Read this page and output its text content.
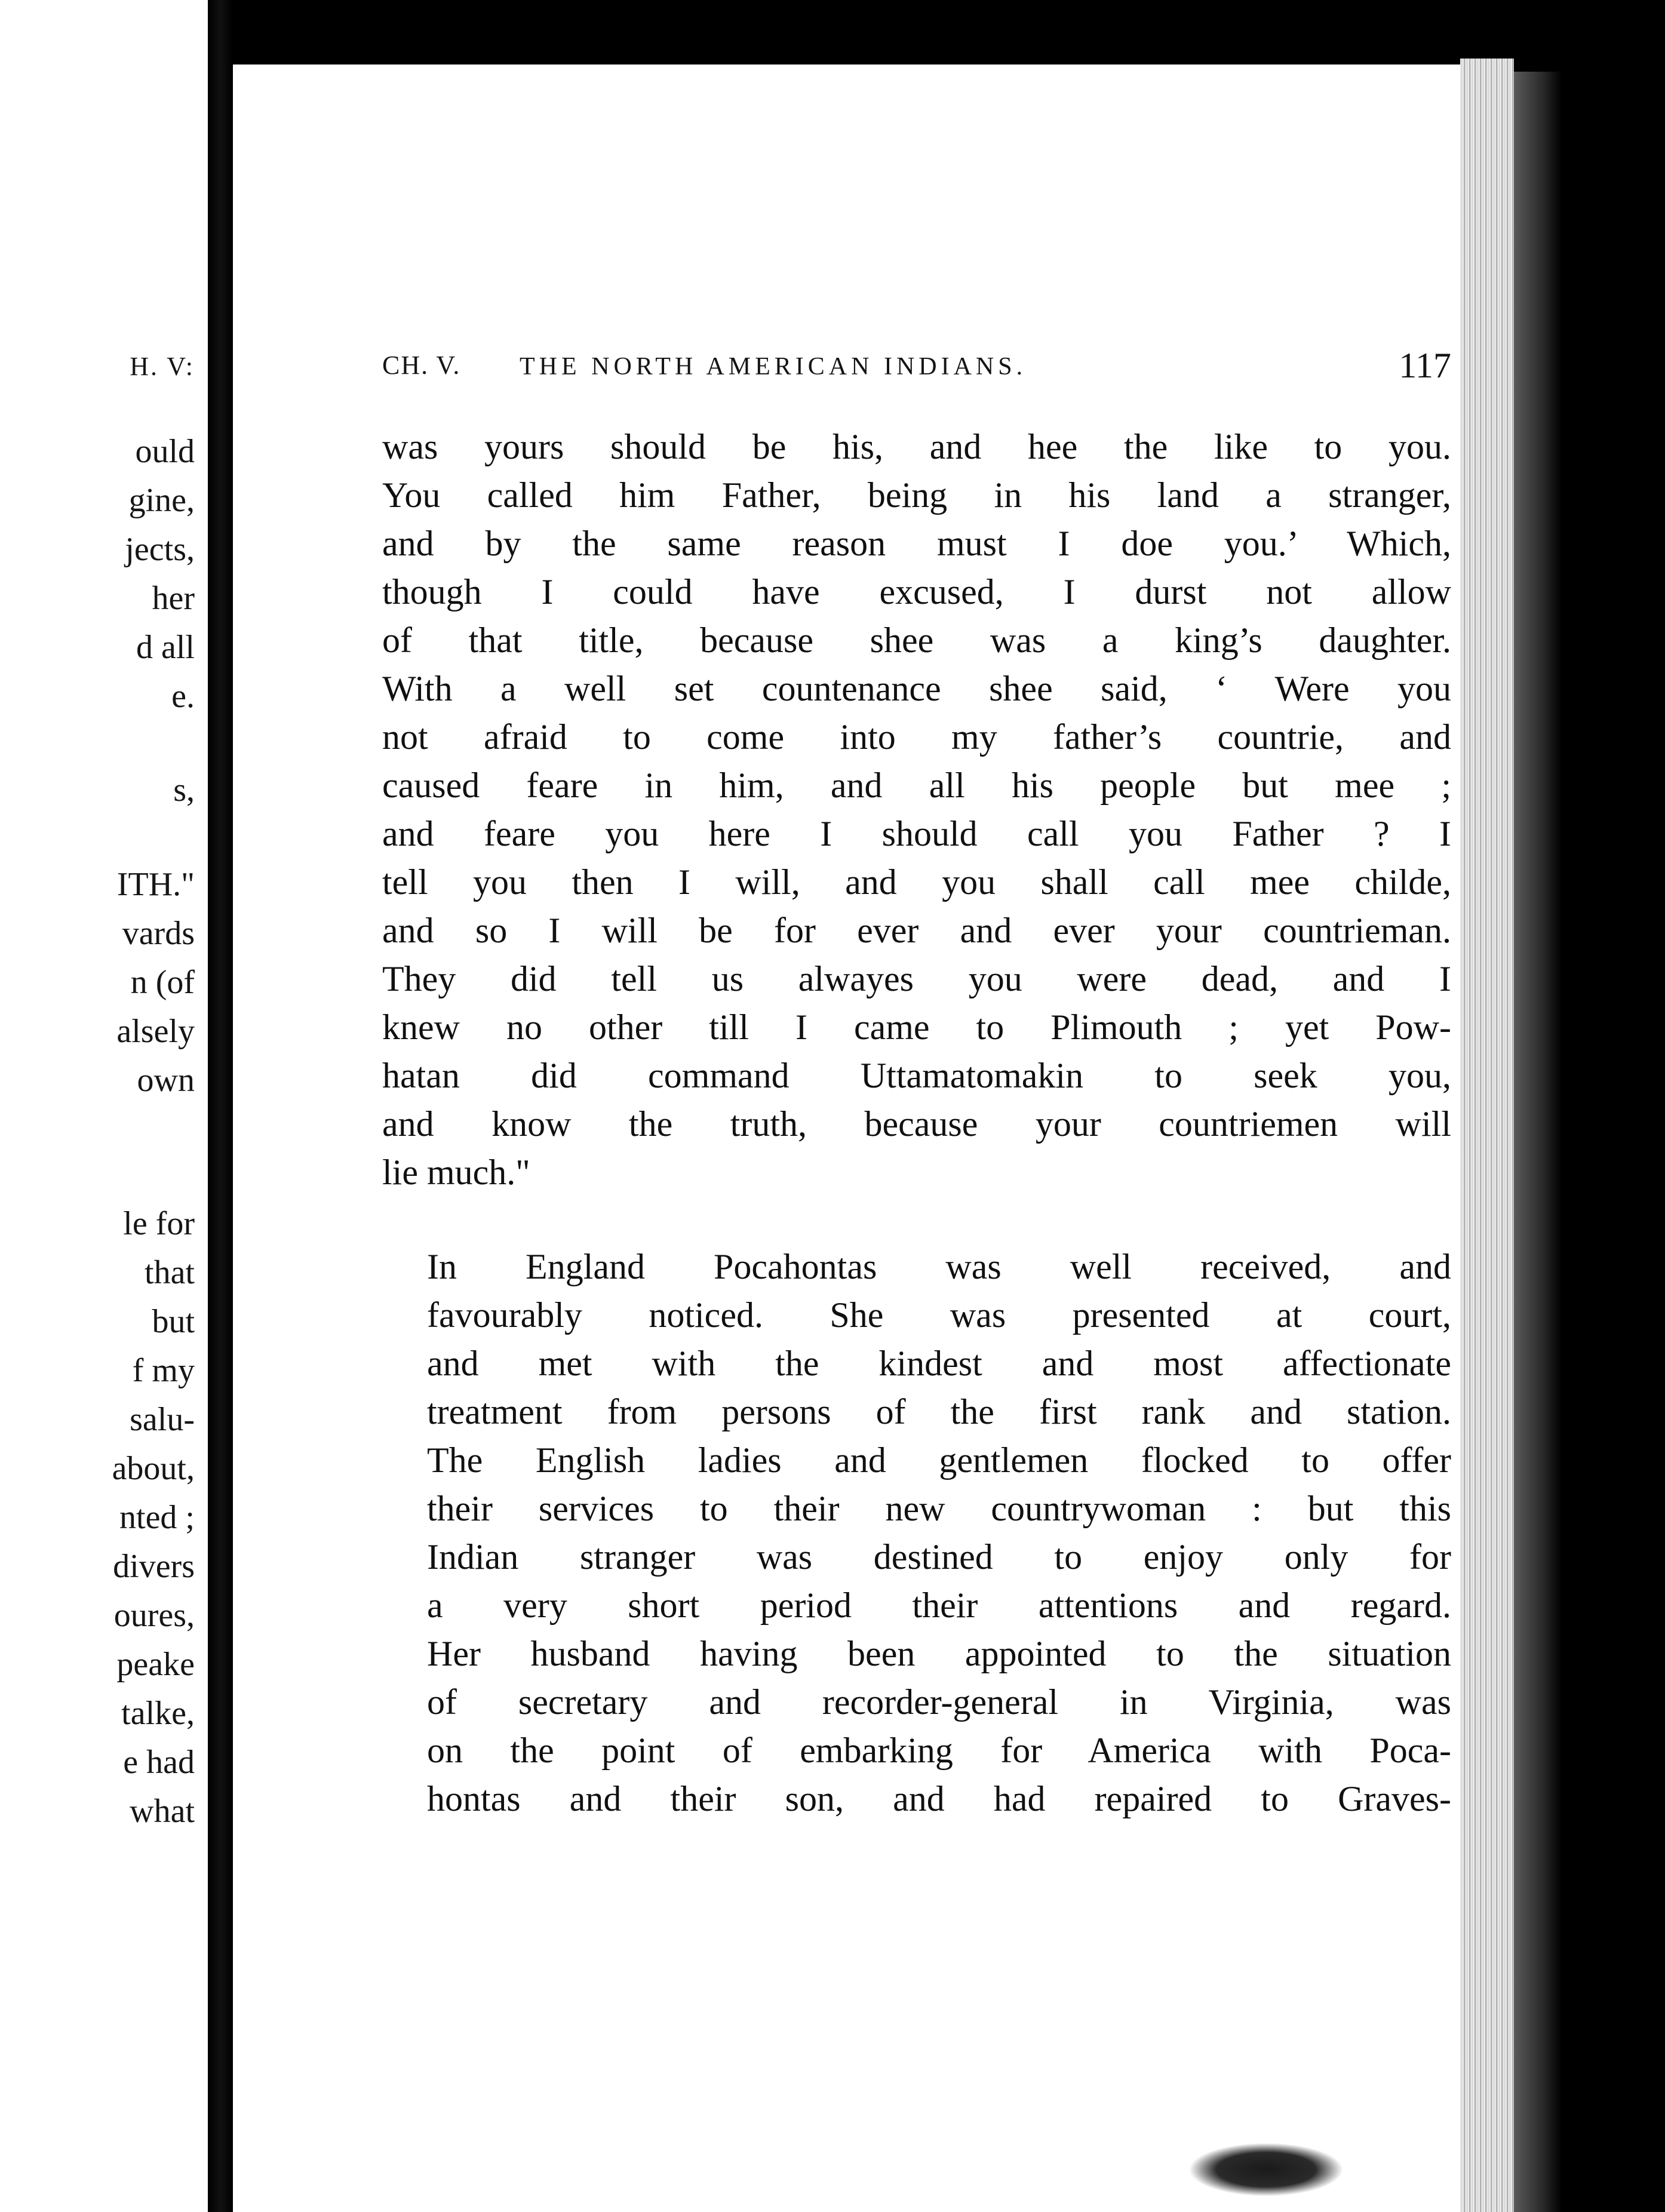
H. V:
ould
gine,
jects,
her
d all
e.
s,
ITH."
vards
n (of
alsely
own
le for
that
but
f my
salu-
about,
nted ;
divers
oures,
peake
talke,
e had
what
CH. V. THE NORTH AMERICAN INDIANS.	117
was yours should be his, and hee the like to you.
You called him Father, being in his land a stranger,
and by the same reason must I doe you.’ Which,
though I could have excused, I durst not allow
of that title, because shee was a king’s daughter.
With a well set countenance shee said, ‘ Were you
not afraid to come into my father’s countrie, and
caused feare in him, and all his people but mee ;
and feare you here I should call you Father ? I
tell you then I will, and you shall call mee childe,
and so I will be for ever and ever your countrieman.
They did tell us alwayes you were dead, and I
knew no other till I came to Plimouth ; yet Pow-
hatan did command Uttamatomakin to seek you,
and know the truth, because your countriemen will
lie much."
In England Pocahontas was well received, and
favourably noticed. She was presented at court,
and met with the kindest and most affectionate
treatment from persons of the first rank and station.
The English ladies and gentlemen flocked to offer
their services to their new countrywoman : but this
Indian stranger was destined to enjoy only for
a very short period their attentions and regard.
Her husband having been appointed to the situation
of secretary and recorder-general in Virginia, was
on the point of embarking for America with Poca-
hontas and their son, and had repaired to Graves-
